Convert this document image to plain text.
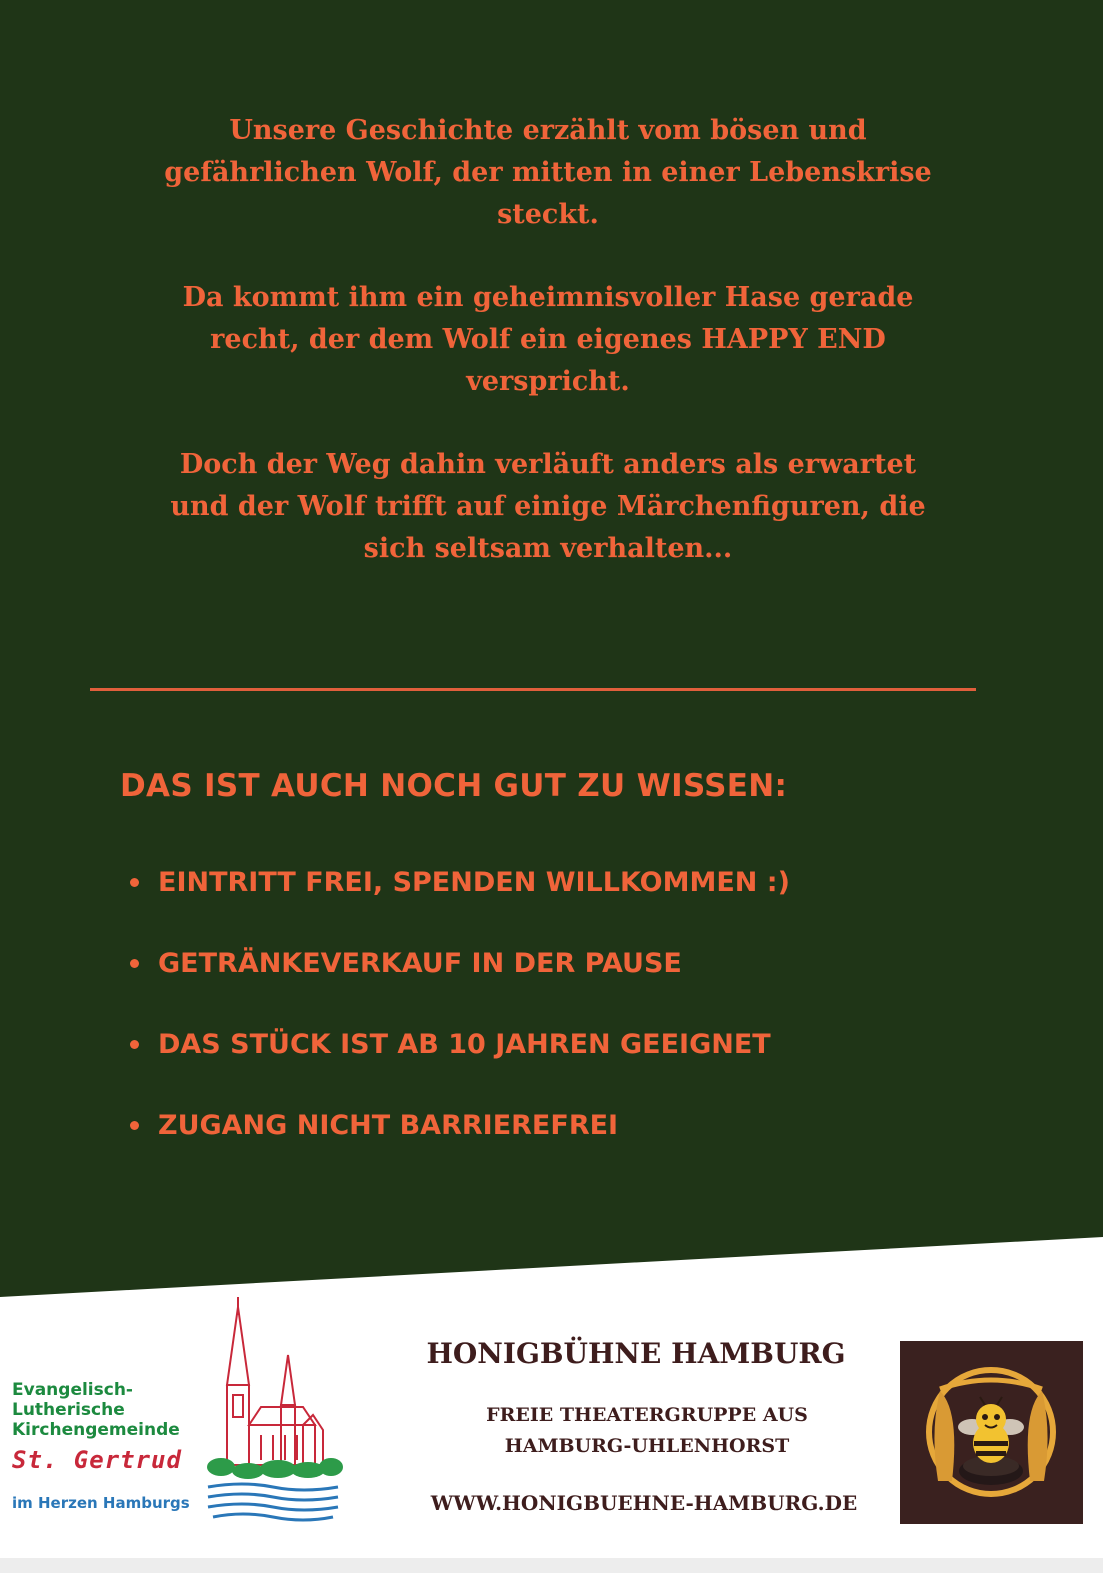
Unsere Geschichte erzählt vom bösen und gefährlichen Wolf, der mitten in einer Lebenskrise steckt.

Da kommt ihm ein geheimnisvoller Hase gerade recht, der dem Wolf ein eigenes HAPPY END verspricht.

Doch der Weg dahin verläuft anders als erwartet und der Wolf trifft auf einige Märchenfiguren, die sich seltsam verhalten...

DAS IST AUCH NOCH GUT ZU WISSEN:
EINTRITT FREI, SPENDEN WILLKOMMEN :)
GETRÄNKEVERKAUF IN DER PAUSE
DAS STÜCK IST AB 10 JAHREN GEEIGNET
ZUGANG NICHT BARRIEREFREI
Evangelisch-
Lutherische
Kirchengemeinde
St. Gertrud
im Herzen Hamburgs
HONIGBÜHNE HAMBURG
FREIE THEATERGRUPPE AUS
HAMBURG-UHLENHORST
WWW.HONIGBUEHNE-HAMBURG.DE
